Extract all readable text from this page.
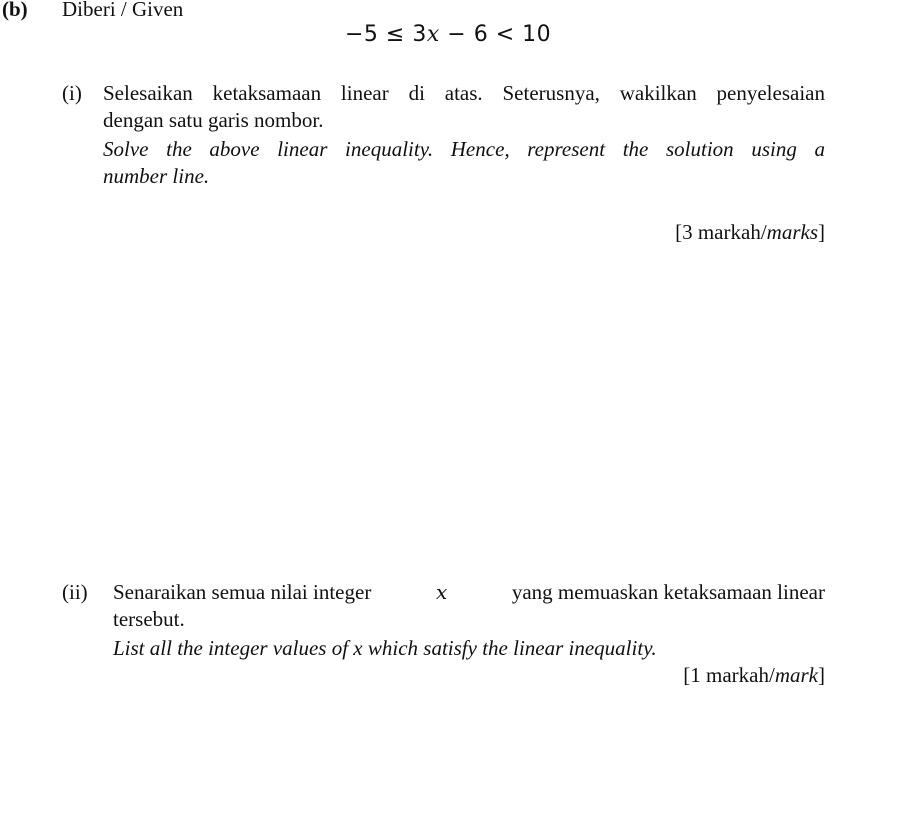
(b) Diberi / Given
−5 ≤ 3x − 6 < 10
(i) Selesaikan ketaksamaan linear di atas. Seterusnya, wakilkan penyelesaian
dengan satu garis nombor.
Solve the above linear inequality. Hence, represent the solution using a
number line.
[3 markah/marks]
(ii) Senaraikan semua nilai integer	x	yang memuaskan ketaksamaan linear
tersebut.
List all the integer values of x which satisfy the linear inequality.
[1 markah/mark]
